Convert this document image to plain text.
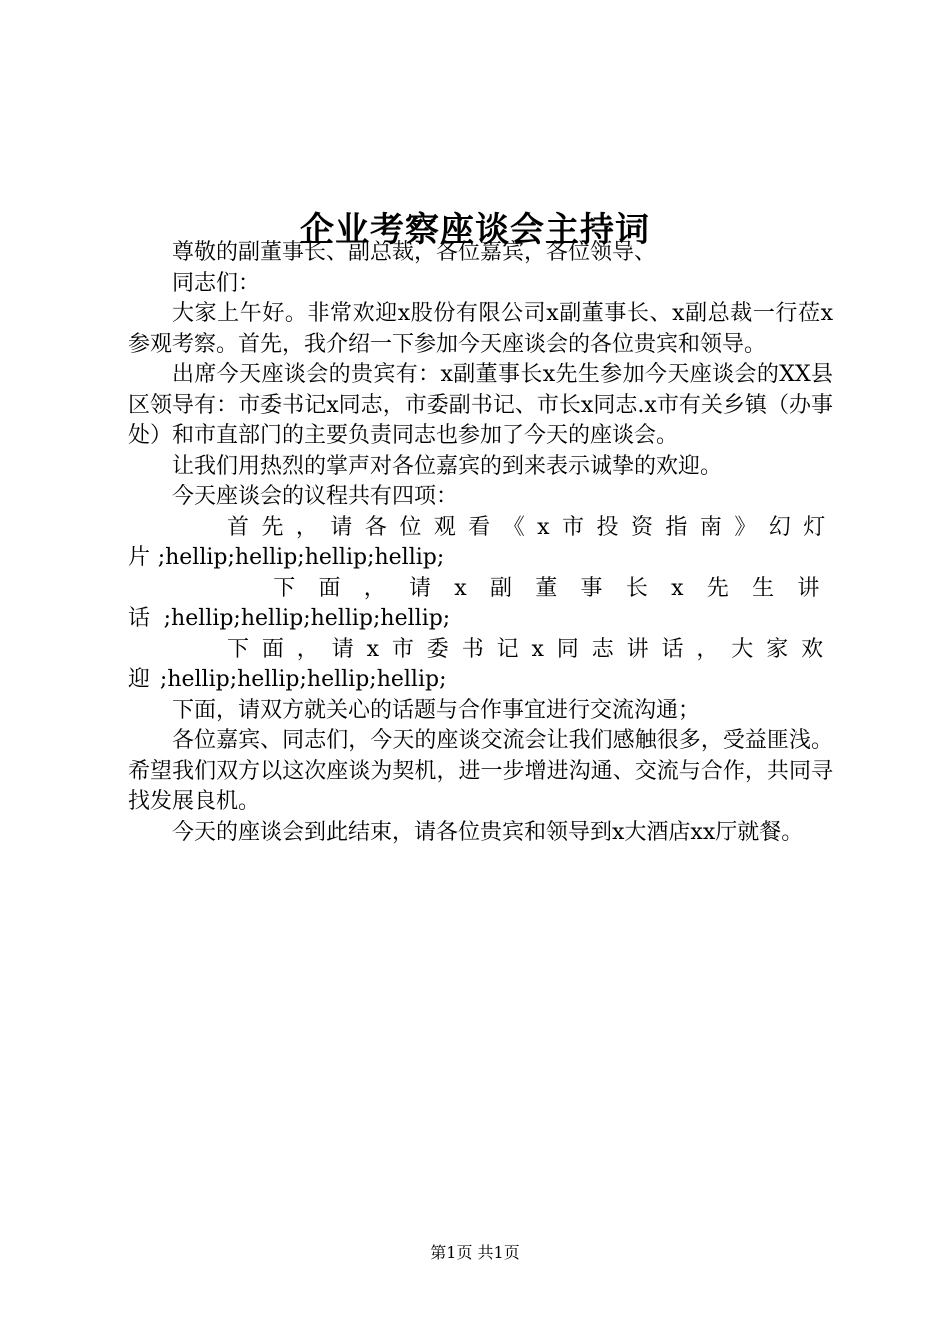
企业考察座谈会主持词

尊敬的副董事长、副总裁，各位嘉宾，各位领导、

同志们：

大家上午好。非常欢迎x股份有限公司x副董事长、x副总裁一行莅x参观考察。首先，我介绍一下参加今天座谈会的各位贵宾和领导。

出席今天座谈会的贵宾有：x副董事长x先生参加今天座谈会的XX县区领导有：市委书记x同志，市委副书记、市长x同志.x市有关乡镇（办事处）和市直部门的主要负责同志也参加了今天的座谈会。

让我们用热烈的掌声对各位嘉宾的到来表示诚挚的欢迎。

今天座谈会的议程共有四项：

首先，请各位观看《x市投资指南》幻灯片;hellip;hellip;hellip;hellip;

下面，请x副董事长x先生讲话;hellip;hellip;hellip;hellip;

下面，请x市委书记x同志讲话，大家欢迎;hellip;hellip;hellip;hellip;

下面，请双方就关心的话题与合作事宜进行交流沟通；

各位嘉宾、同志们，今天的座谈交流会让我们感触很多，受益匪浅。希望我们双方以这次座谈为契机，进一步增进沟通、交流与合作，共同寻找发展良机。

今天的座谈会到此结束，请各位贵宾和领导到x大酒店xx厅就餐。

第1页 共1页
